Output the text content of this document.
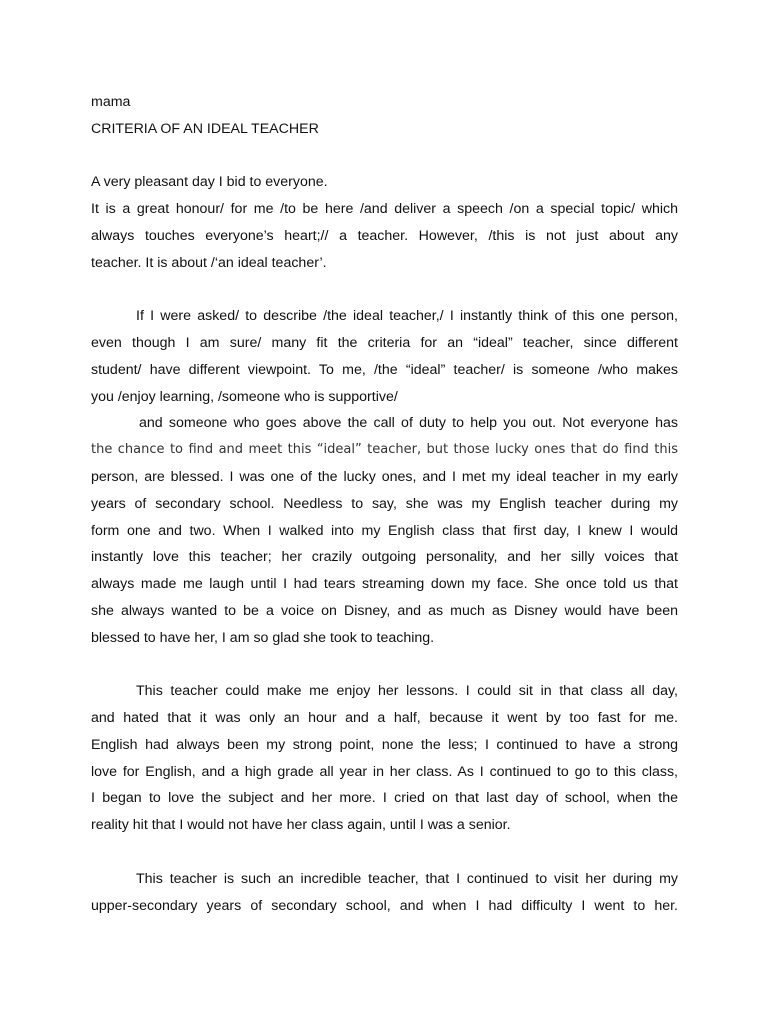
mama
CRITERIA OF AN IDEAL TEACHER
A very pleasant day I bid to everyone.
It is a great honour/ for me /to be here /and deliver a speech /on a special topic/ which
always touches everyone’s heart;// a teacher. However, /this is not just about any
teacher. It is about /‘an ideal teacher’.
If I were asked/ to describe /the ideal teacher,/ I instantly think of this one person,
even though I am sure/ many fit the criteria for an “ideal” teacher, since different
student/ have different viewpoint. To me, /the “ideal” teacher/ is someone /who makes
you /enjoy learning, /someone who is supportive/
and someone who goes above the call of duty to help you out. Not everyone has
the chance to find and meet this “ideal” teacher, but those lucky ones that do find this
person, are blessed. I was one of the lucky ones, and I met my ideal teacher in my early
years of secondary school. Needless to say, she was my English teacher during my
form one and two. When I walked into my English class that first day, I knew I would
instantly love this teacher; her crazily outgoing personality, and her silly voices that
always made me laugh until I had tears streaming down my face. She once told us that
she always wanted to be a voice on Disney, and as much as Disney would have been
blessed to have her, I am so glad she took to teaching.
This teacher could make me enjoy her lessons. I could sit in that class all day,
and hated that it was only an hour and a half, because it went by too fast for me.
English had always been my strong point, none the less; I continued to have a strong
love for English, and a high grade all year in her class. As I continued to go to this class,
I began to love the subject and her more. I cried on that last day of school, when the
reality hit that I would not have her class again, until I was a senior.
This teacher is such an incredible teacher, that I continued to visit her during my
upper-secondary years of secondary school, and when I had difficulty I went to her.
